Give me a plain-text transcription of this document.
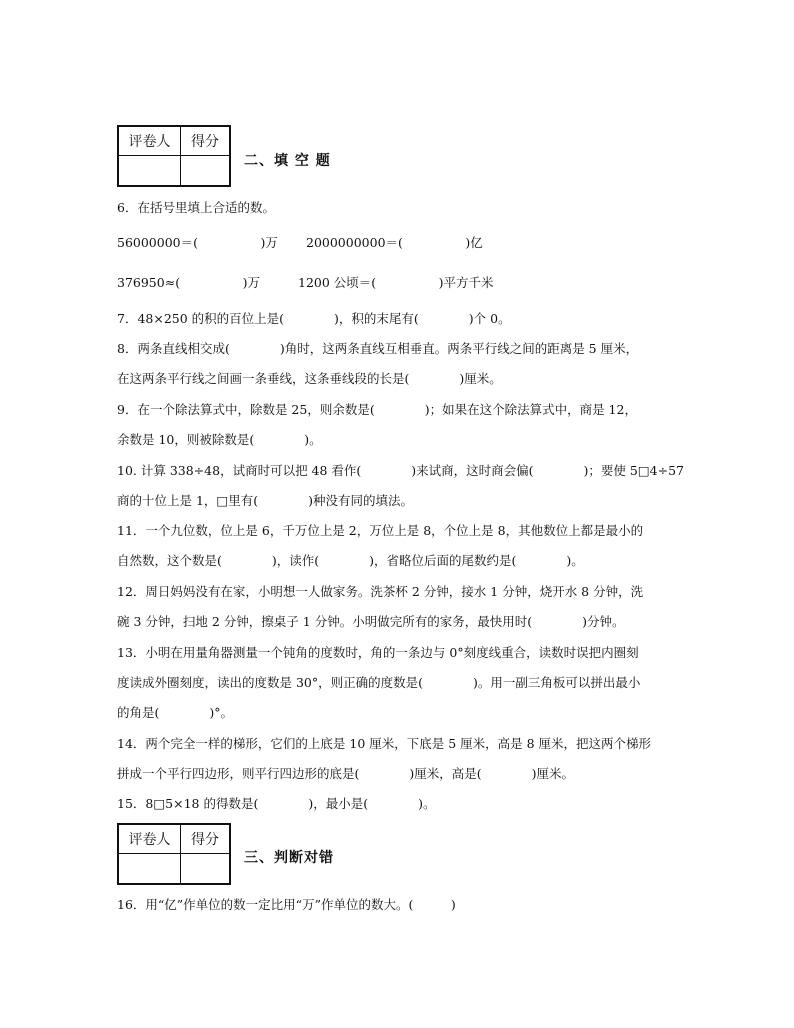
评卷人	得分
二、填 空 题
6．在括号里填上合适的数。
56000000＝(　　　　　)万 2000000000＝(　　　　　)亿
376950≈(　　　　　)万	1200 公顷＝(　　　　　)平方千米
7．48×250 的积的百位上是(　　　　)，积的末尾有(　　　　)个 0。
8．两条直线相交成(　　　　)角时，这两条直线互相垂直。两条平行线之间的距离是 5 厘米，
在这两条平行线之间画一条垂线，这条垂线段的长是(　　　　)厘米。
9．在一个除法算式中，除数是 25，则余数是(　　　　)；如果在这个除法算式中，商是 12，
余数是 10，则被除数是(　　　　)。
10. 计算 338÷48，试商时可以把 48 看作(　　　　)来试商，这时商会偏(　　　　)；要使 5□4÷57
商的十位上是 1，□里有(　　　　)种没有同的填法。
11．一个九位数，位上是 6，千万位上是 2，万位上是 8，个位上是 8，其他数位上都是最小的
自然数，这个数是(　　　　)，读作(　　　　)，省略位后面的尾数约是(　　　　)。
12．周日妈妈没有在家，小明想一人做家务。洗茶杯 2 分钟，接水 1 分钟，烧开水 8 分钟，洗
碗 3 分钟，扫地 2 分钟，擦桌子 1 分钟。小明做完所有的家务，最快用时(　　　　)分钟。
13．小明在用量角器测量一个钝角的度数时，角的一条边与 0°刻度线重合，读数时误把内圈刻
度读成外圈刻度，读出的度数是 30°，则正确的度数是(　　　　)。用一副三角板可以拼出最小
的角是(　　　　)°。
14．两个完全一样的梯形，它们的上底是 10 厘米，下底是 5 厘米，高是 8 厘米，把这两个梯形
拼成一个平行四边形，则平行四边形的底是(　　　　)厘米，高是(　　　　)厘米。
15．8□5×18 的得数是(　　　　)，最小是(　　　　)。
评卷人	得分
三、判断对错
16．用“亿”作单位的数一定比用“万”作单位的数大。(　　　)
